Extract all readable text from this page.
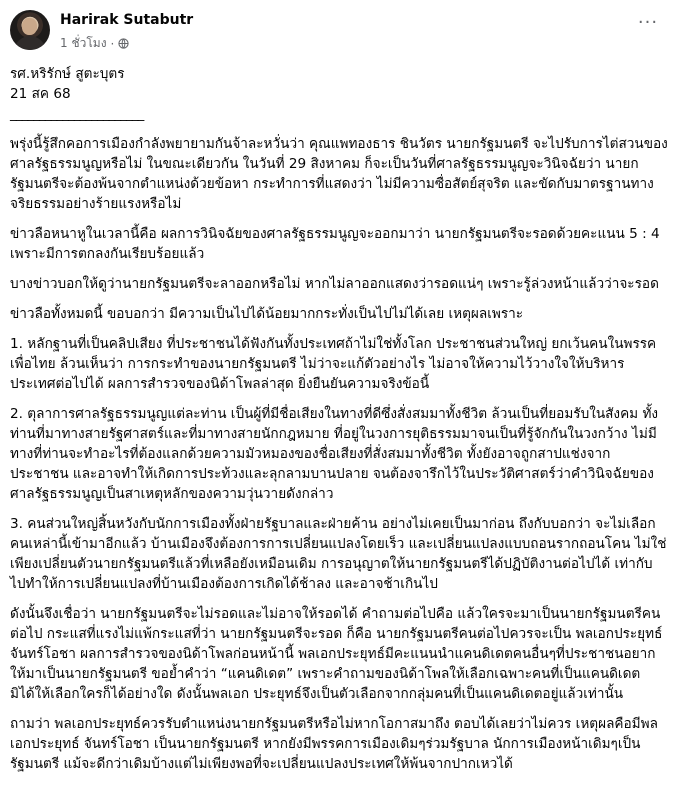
Harirak Sutabutr
1 ชั่วโมง ·
···

รศ.หริรักษ์ สูตะบุตร

21 สค 68

_______________________

พรุ่งนี้รู้สึกคอการเมืองกำลังพยายามกันจ้าละหวั่นว่า คุณแพทองธาร ชินวัตร นายกรัฐมนตรี จะไปรับการไต่สวนของศาลรัฐธรรมนูญหรือไม่ ในขณะเดียวกัน ในวันที่ 29 สิงหาคม ก็จะเป็นวันที่ศาลรัฐธรรมนูญจะวินิจฉัยว่า นายกรัฐมนตรีจะต้องพ้นจากตำแหน่งด้วยข้อหา กระทำการที่แสดงว่า ไม่มีความซื่อสัตย์สุจริต และขัดกับมาตรฐานทางจริยธรรมอย่างร้ายแรงหรือไม่

ข่าวลือหนาหูในเวลานี้คือ ผลการวินิจฉัยของศาลรัฐธรรมนูญจะออกมาว่า นายกรัฐมนตรีจะรอดด้วยคะแนน 5 : 4 เพราะมีการตกลงกันเรียบร้อยแล้ว

บางข่าวบอกให้ดูว่านายกรัฐมนตรีจะลาออกหรือไม่ หากไม่ลาออกแสดงว่ารอดแน่ๆ เพราะรู้ล่วงหน้าแล้วว่าจะรอด

ข่าวลือทั้งหมดนี้ ขอบอกว่า มีความเป็นไปได้น้อยมากกระทั่งเป็นไปไม่ได้เลย เหตุผลเพราะ

1. หลักฐานที่เป็นคลิปเสียง ที่ประชาชนได้ฟังกันทั้งประเทศถ้าไม่ใช่ทั้งโลก ประชาชนส่วนใหญ่ ยกเว้นคนในพรรคเพื่อไทย ล้วนเห็นว่า การกระทำของนายกรัฐมนตรี ไม่ว่าจะแก้ตัวอย่างไร ไม่อาจให้ความไว้วางใจให้บริหารประเทศต่อไปได้ ผลการสำรวจของนิด้าโพลล่าสุด ยิ่งยืนยันความจริงข้อนี้

2. ตุลาการศาลรัฐธรรมนูญแต่ละท่าน เป็นผู้ที่มีชื่อเสียงในทางที่ดีซึ่งสั่งสมมาทั้งชีวิต ล้วนเป็นที่ยอมรับในสังคม ทั้งท่านที่มาทางสายรัฐศาสตร์และที่มาทางสายนักกฎหมาย ที่อยู่ในวงการยุติธรรมมาจนเป็นที่รู้จักกันในวงกว้าง ไม่มีทางที่ท่านจะทำอะไรที่ต้องแลกด้วยความมัวหมองของชื่อเสียงที่สั่งสมมาทั้งชีวิต ทั้งยังอาจถูกสาปแช่งจากประชาชน และอาจทำให้เกิดการประท้วงและลุกลามบานปลาย จนต้องจารึกไว้ในประวัติศาสตร์ว่าคำวินิจฉัยของศาลรัฐธรรมนูญเป็นสาเหตุหลักของความวุ่นวายดังกล่าว

3. คนส่วนใหญ่สิ้นหวังกับนักการเมืองทั้งฝ่ายรัฐบาลและฝ่ายค้าน อย่างไม่เคยเป็นมาก่อน ถึงกับบอกว่า จะไม่เลือกคนเหล่านี้เข้ามาอีกแล้ว บ้านเมืองจึงต้องการการเปลี่ยนแปลงโดยเร็ว และเปลี่ยนแปลงแบบถอนรากถอนโคน ไม่ใช่เพียงเปลี่ยนตัวนายกรัฐมนตรีแล้วที่เหลือยังเหมือนเดิม การอนุญาตให้นายกรัฐมนตรีได้ปฏิบัติงานต่อไปได้ เท่ากับไปทำให้การเปลี่ยนแปลงที่บ้านเมืองต้องการเกิดได้ช้าลง และอาจช้าเกินไป

ดังนั้นจึงเชื่อว่า นายกรัฐมนตรีจะไม่รอดและไม่อาจให้รอดได้ คำถามต่อไปคือ แล้วใครจะมาเป็นนายกรัฐมนตรีคนต่อไป กระแสที่แรงไม่แพ้กระแสที่ว่า นายกรัฐมนตรีจะรอด ก็คือ นายกรัฐมนตรีคนต่อไปควรจะเป็น พลเอกประยุทธ์ จันทร์โอชา ผลการสำรวจของนิด้าโพลก่อนหน้านี้ พลเอกประยุทธ์มีคะแนนนำแคนดิเดตคนอื่นๆที่ประชาชนอยากให้มาเป็นนายกรัฐมนตรี ขอย้ำคำว่า “แคนดิเดต” เพราะคำถามของนิด้าโพลให้เลือกเฉพาะคนที่เป็นแคนดิเดต มิได้ให้เลือกใครก็ได้อย่างใด ดังนั้นพลเอก ประยุทธ์จึงเป็นตัวเลือกจากกลุ่มคนที่เป็นแคนดิเดตอยู่แล้วเท่านั้น

ถามว่า พลเอกประยุทธ์ควรรับตำแหน่งนายกรัฐมนตรีหรือไม่หากโอกาสมาถึง ตอบได้เลยว่าไม่ควร เหตุผลคือมีพลเอกประยุทธ์ จันทร์โอชา เป็นนายกรัฐมนตรี หากยังมีพรรคการเมืองเดิมๆร่วมรัฐบาล นักการเมืองหน้าเดิมๆเป็นรัฐมนตรี แม้จะดีกว่าเดิมบ้างแต่ไม่เพียงพอที่จะเปลี่ยนแปลงประเทศให้พ้นจากปากเหวได้
